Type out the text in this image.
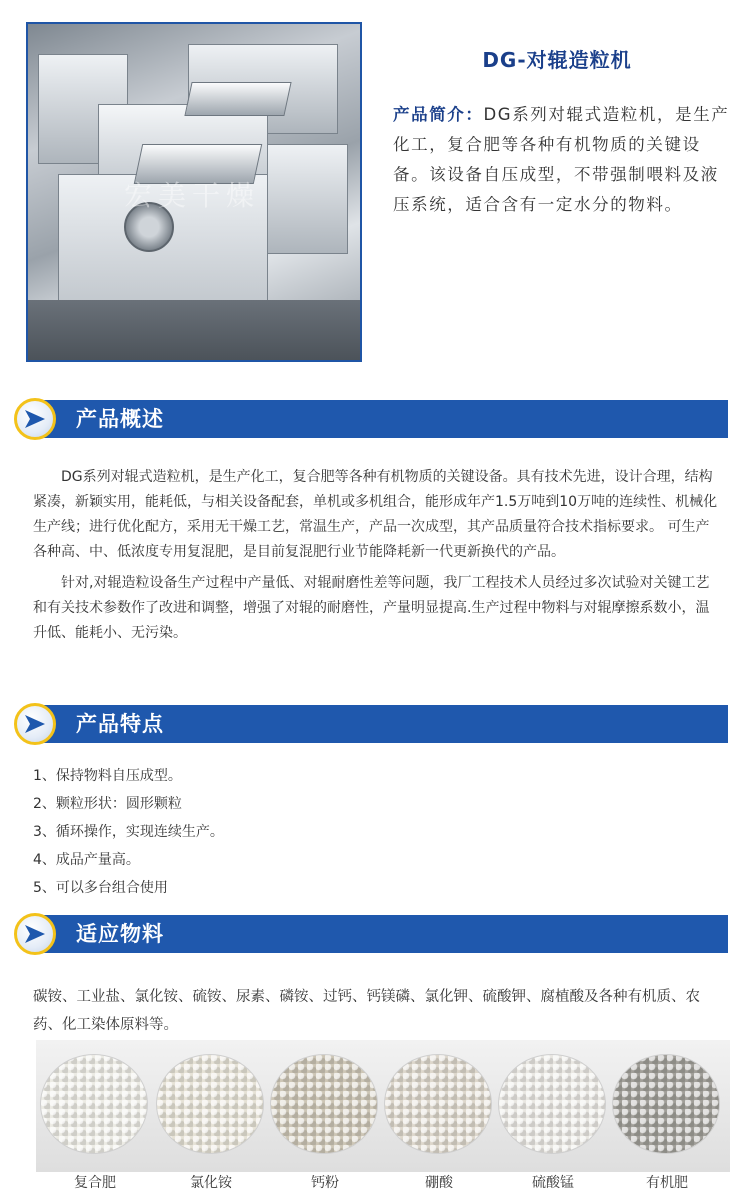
宏美干燥
DG-对辊造粒机
产品简介：DG系列对辊式造粒机，是生产化工，复合肥等各种有机物质的关键设备。该设备自压成型，不带强制喂料及液压系统，适合含有一定水分的物料。
产品概述

DG系列对辊式造粒机，是生产化工，复合肥等各种有机物质的关键设备。具有技术先进，设计合理，结构紧凑，新颖实用，能耗低，与相关设备配套，单机或多机组合，能形成年产1.5万吨到10万吨的连续性、机械化生产线；进行优化配方，采用无干燥工艺，常温生产，产品一次成型，其产品质量符合技术指标要求。 可生产各种高、中、低浓度专用复混肥，是目前复混肥行业节能降耗新一代更新换代的产品。

针对,对辊造粒设备生产过程中产量低、对辊耐磨性差等问题，我厂工程技术人员经过多次试验对关键工艺和有关技术参数作了改进和调整，增强了对辊的耐磨性，产量明显提高.生产过程中物料与对辊摩擦系数小，温升低、能耗小、无污染。

产品特点
1、保持物料自压成型。
2、颗粒形状：圆形颗粒
3、循环操作，实现连续生产。
4、成品产量高。
5、可以多台组合使用
适应物料
碳铵、工业盐、氯化铵、硫铵、尿素、磷铵、过钙、钙镁磷、氯化钾、硫酸钾、腐植酸及各种有机质、农药、化工染体原料等。
复合肥	氯化铵	钙粉	硼酸	硫酸锰	有机肥
